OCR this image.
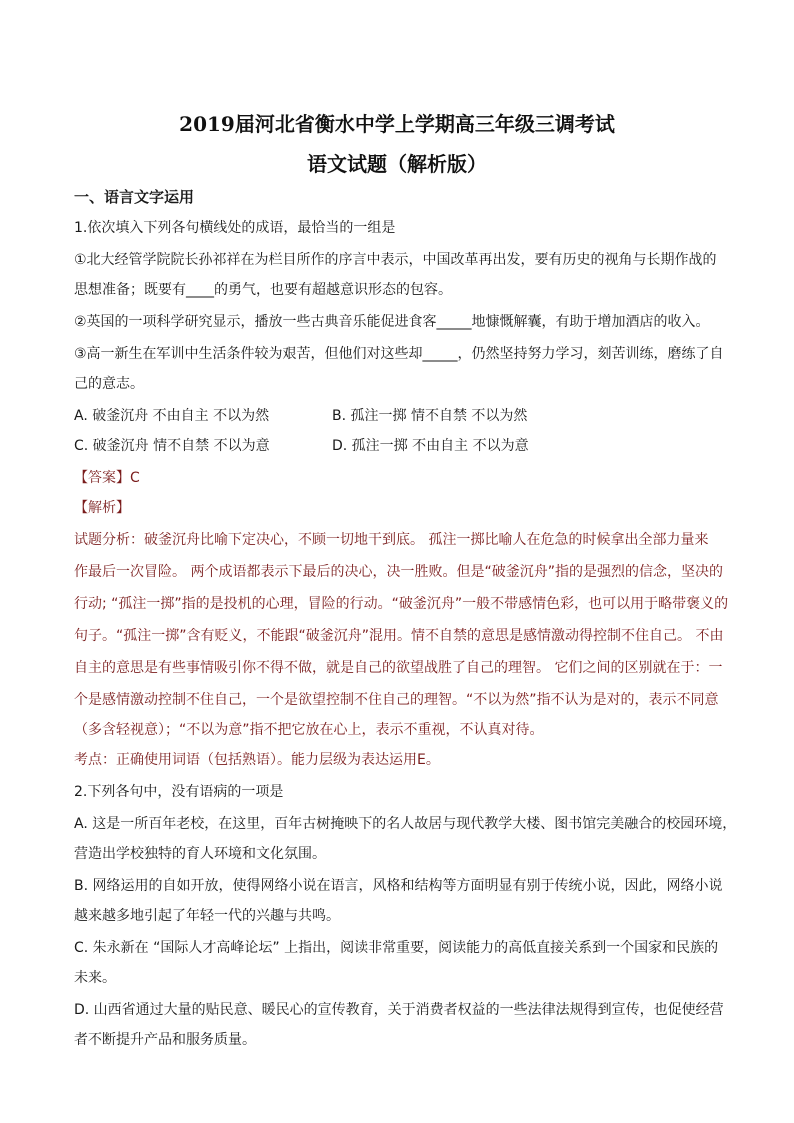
2019届河北省衡水中学上学期高三年级三调考试
语文试题（解析版）
一、语言文字运用
1.依次填入下列各句横线处的成语，最恰当的一组是
①北大经管学院院长孙祁祥在为栏目所作的序言中表示，中国改革再出发，要有历史的视角与长期作战的
思想准备；既要有____的勇气，也要有超越意识形态的包容。
②英国的一项科学研究显示，播放一些古典音乐能促进食客_____地慷慨解囊，有助于增加酒店的收入。
③高一新生在军训中生活条件较为艰苦，但他们对这些却_____，仍然坚持努力学习，刻苦训练，磨练了自
己的意志。
A. 破釜沉舟 不由自主 不以为然	B. 孤注一掷 情不自禁 不以为然
C. 破釜沉舟 情不自禁 不以为意	D. 孤注一掷 不由自主 不以为意
【答案】C
【解析】
试题分析：破釜沉舟比喻下定决心，不顾一切地干到底。 孤注一掷比喻人在危急的时候拿出全部力量来
作最后一次冒险。 两个成语都表示下最后的决心，决一胜败。但是“破釜沉舟”指的是强烈的信念，坚决的
行动; “孤注一掷”指的是投机的心理，冒险的行动。“破釜沉舟”一般不带感情色彩，也可以用于略带褒义的
句子。“孤注一掷”含有贬义，不能跟“破釜沉舟”混用。情不自禁的意思是感情激动得控制不住自己。 不由
自主的意思是有些事情吸引你不得不做，就是自己的欲望战胜了自己的理智。 它们之间的区别就在于：一
个是感情激动控制不住自己，一个是欲望控制不住自己的理智。“不以为然”指不认为是对的，表示不同意
（多含轻视意）；“不以为意”指不把它放在心上，表示不重视，不认真对待。
考点：正确使用词语（包括熟语）。能力层级为表达运用E。
2.下列各句中，没有语病的一项是
A. 这是一所百年老校，在这里，百年古树掩映下的名人故居与现代教学大楼、图书馆完美融合的校园环境，
营造出学校独特的育人环境和文化氛围。
B. 网络运用的自如开放，使得网络小说在语言，风格和结构等方面明显有别于传统小说，因此，网络小说
越来越多地引起了年轻一代的兴趣与共鸣。
C. 朱永新在 “国际人才高峰论坛” 上指出，阅读非常重要，阅读能力的高低直接关系到一个国家和民族的
未来。
D. 山西省通过大量的贴民意、暖民心的宣传教育，关于消费者权益的一些法律法规得到宣传，也促使经营
者不断提升产品和服务质量。
